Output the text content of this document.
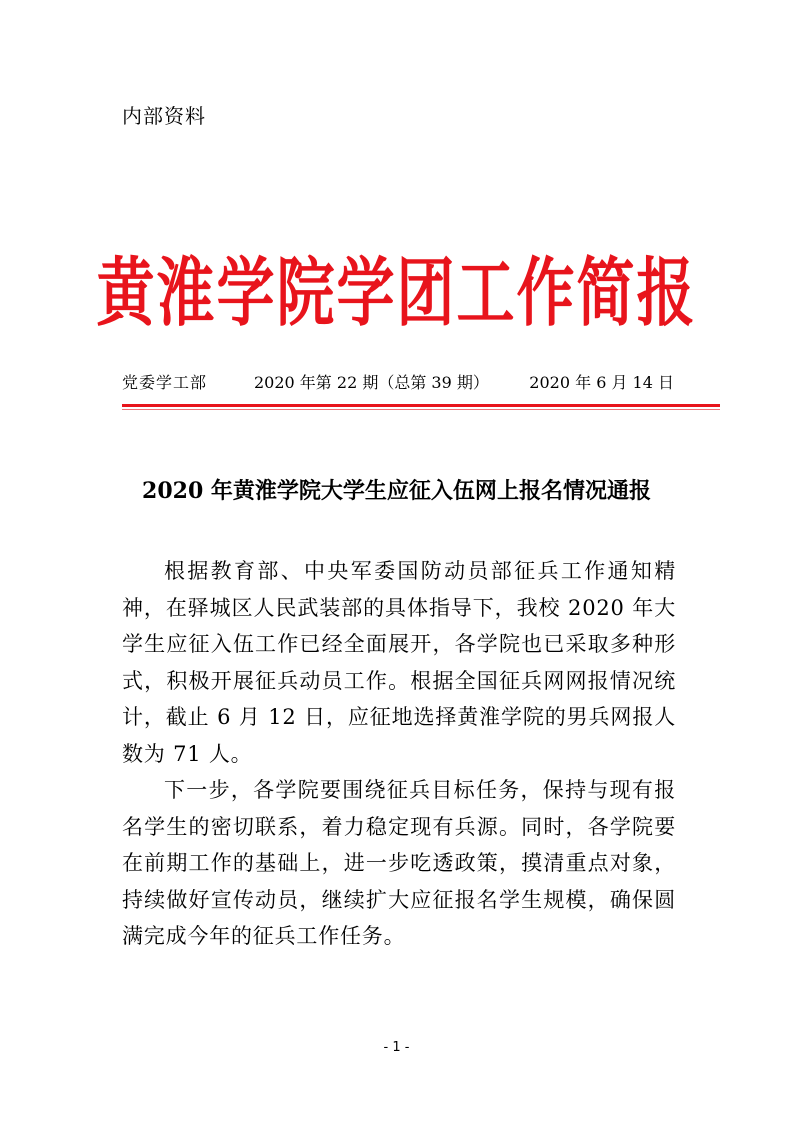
内部资料
黄淮学院学团工作简报
党委学工部	2020 年第 22 期（总第 39 期）	2020 年 6 月 14 日
2020 年黄淮学院大学生应征入伍网上报名情况通报

根据教育部、中央军委国防动员部征兵工作通知精神，在驿城区人民武装部的具体指导下，我校 2020 年大学生应征入伍工作已经全面展开，各学院也已采取多种形式，积极开展征兵动员工作。根据全国征兵网网报情况统计，截止 6 月 12 日，应征地选择黄淮学院的男兵网报人数为 71 人。

下一步，各学院要围绕征兵目标任务，保持与现有报名学生的密切联系，着力稳定现有兵源。同时，各学院要在前期工作的基础上，进一步吃透政策，摸清重点对象，持续做好宣传动员，继续扩大应征报名学生规模，确保圆满完成今年的征兵工作任务。

- 1 -
